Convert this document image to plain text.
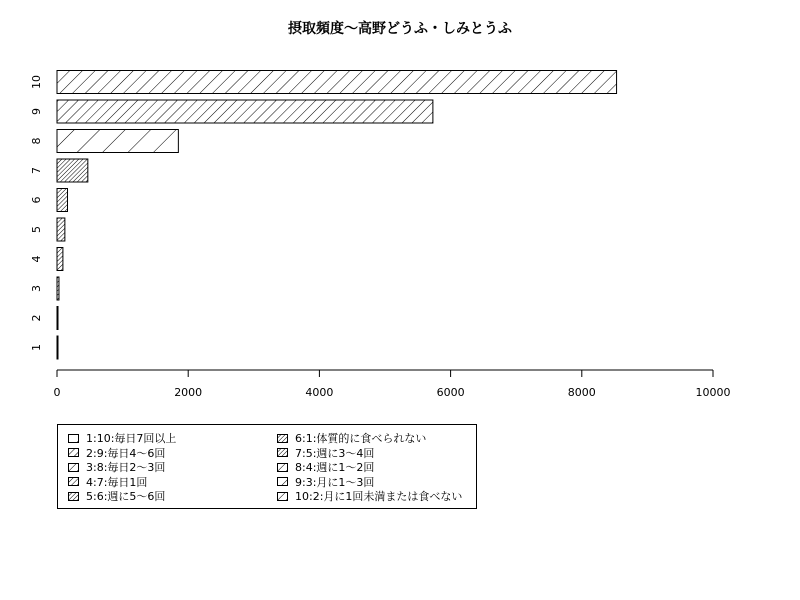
摂取頻度〜高野どうふ・しみとうふ
1
2
3
4
5
6
7
8
9
10
0	2000	4000	6000	8000	10000
1:10:毎日7回以上
2:9:毎日4〜6回
3:8:毎日2〜3回
4:7:毎日1回
5:6:週に5〜6回
6:1:体質的に食べられない
7:5:週に3〜4回
8:4:週に1〜2回
9:3:月に1〜3回
10:2:月に1回未満または食べない
